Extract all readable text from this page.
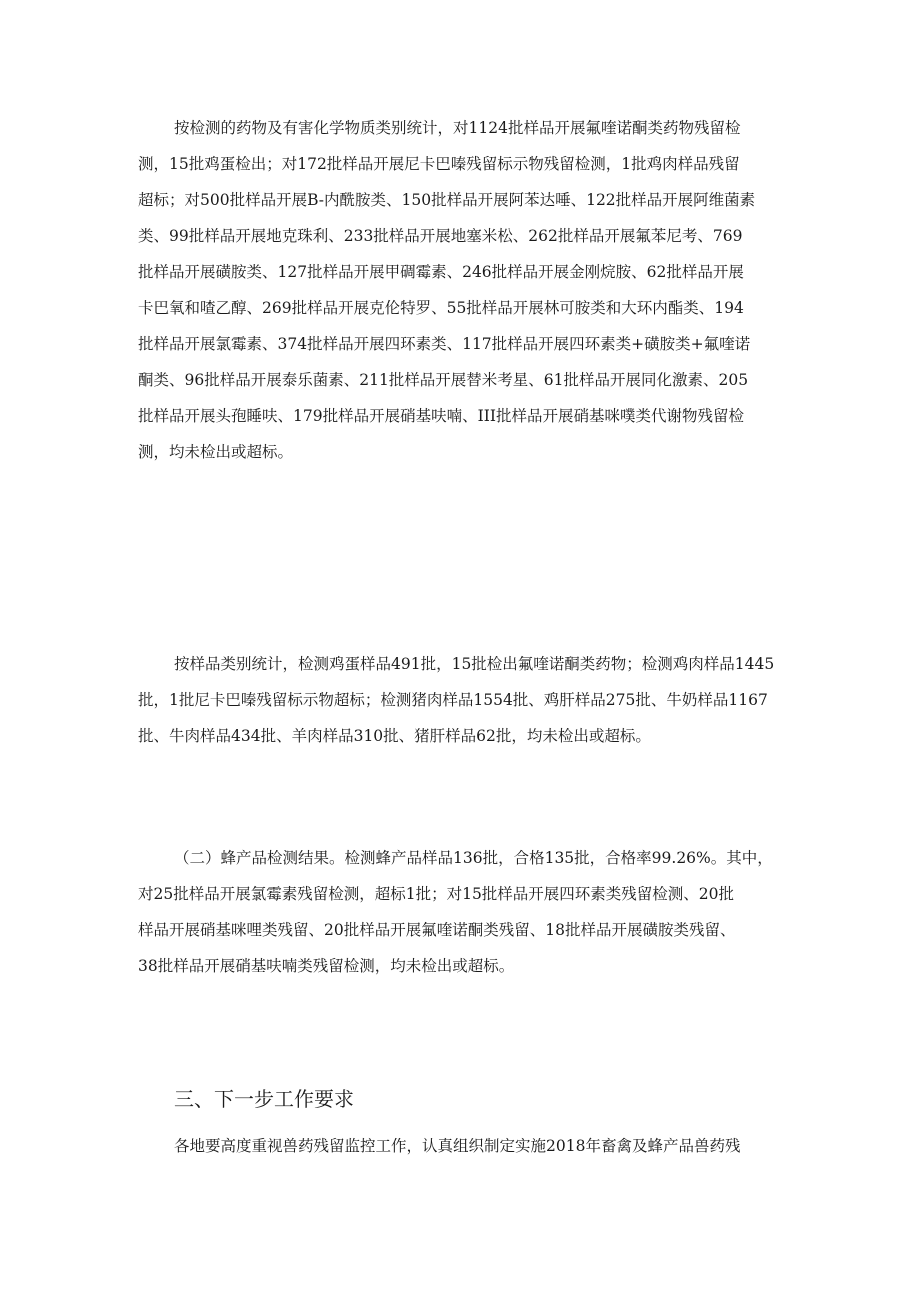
按检测的药物及有害化学物质类别统计，对1124批样品开展氟喹诺酮类药物残留检
测，15批鸡蛋检出；对172批样品开展尼卡巴嗪残留标示物残留检测，1批鸡肉样品残留
超标；对500批样品开展B-内酰胺类、150批样品开展阿苯达唾、122批样品开展阿维菌素
类、99批样品开展地克珠利、233批样品开展地塞米松、262批样品开展氟苯尼考、769
批样品开展磺胺类、127批样品开展甲碉霉素、246批样品开展金刚烷胺、62批样品开展
卡巴氧和喳乙醇、269批样品开展克伦特罗、55批样品开展林可胺类和大环内酯类、194
批样品开展氯霉素、374批样品开展四环素类、117批样品开展四环素类+磺胺类+氟喹诺
酮类、96批样品开展泰乐菌素、211批样品开展替米考星、61批样品开展同化激素、205
批样品开展头孢睡呋、179批样品开展硝基呋喃、III批样品开展硝基咪噗类代谢物残留检
测，均未检出或超标。

按样品类别统计，检测鸡蛋样品491批，15批检出氟喹诺酮类药物；检测鸡肉样品1445
批，1批尼卡巴嗪残留标示物超标；检测猪肉样品1554批、鸡肝样品275批、牛奶样品1167
批、牛肉样品434批、羊肉样品310批、猪肝样品62批，均未检出或超标。

（二）蜂产品检测结果。检测蜂产品样品136批，合格135批，合格率99.26%。其中，
对25批样品开展氯霉素残留检测，超标1批；对15批样品开展四环素类残留检测、20批
样品开展硝基咪哩类残留、20批样品开展氟喹诺酮类残留、18批样品开展磺胺类残留、
38批样品开展硝基呋喃类残留检测，均未检出或超标。

三、下一步工作要求

各地要高度重视兽药残留监控工作，认真组织制定实施2018年畜禽及蜂产品兽药残
